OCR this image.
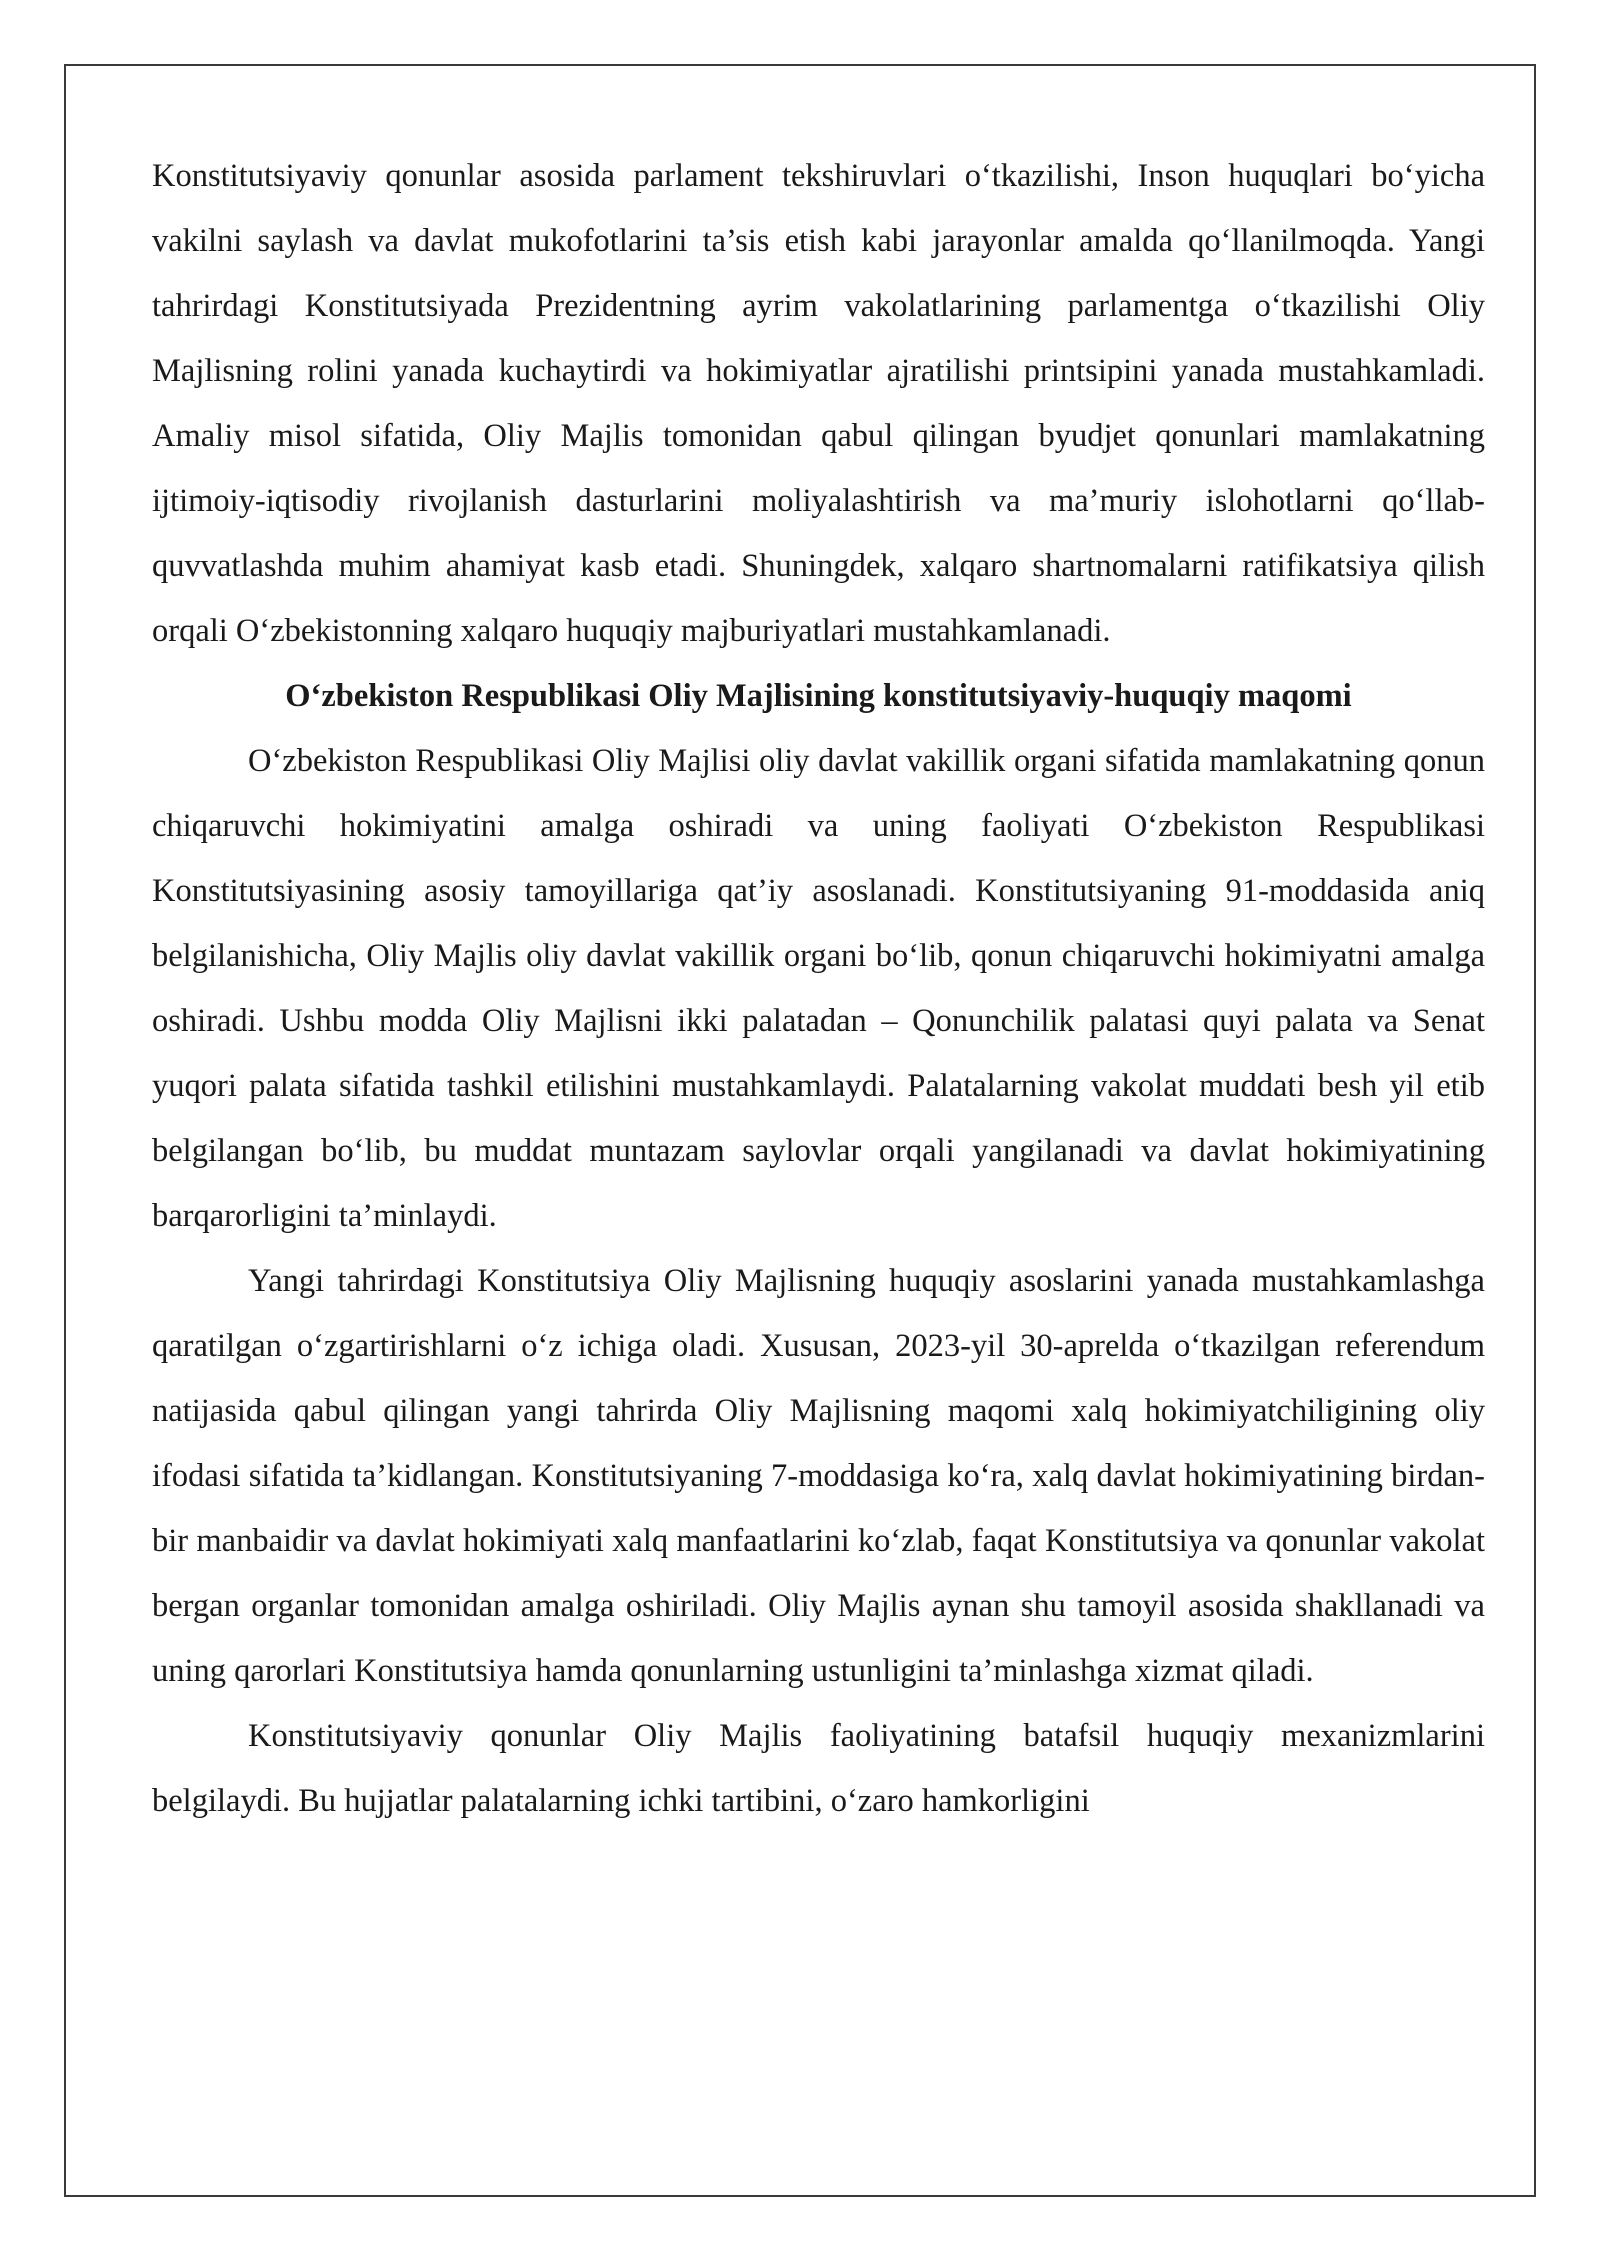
Konstitutsiyaviy qonunlar asosida parlament tekshiruvlari o‘tkazilishi, Inson huquqlari bo‘yicha vakilni saylash va davlat mukofotlarini ta’sis etish kabi jarayonlar amalda qo‘llanilmoqda. Yangi tahrirdagi Konstitutsiyada Prezidentning ayrim vakolatlarining parlamentga o‘tkazilishi Oliy Majlisning rolini yanada kuchaytirdi va hokimiyatlar ajratilishi printsipini yanada mustahkamladi. Amaliy misol sifatida, Oliy Majlis tomonidan qabul qilingan byudjet qonunlari mamlakatning ijtimoiy-iqtisodiy rivojlanish dasturlarini moliyalashtirish va ma’muriy islohotlarni qo‘llab-quvvatlashda muhim ahamiyat kasb etadi. Shuningdek, xalqaro shartnomalarni ratifikatsiya qilish orqali O‘zbekistonning xalqaro huquqiy majburiyatlari mustahkamlanadi.

O‘zbekiston Respublikasi Oliy Majlisining konstitutsiyaviy-huquqiy maqomi

O‘zbekiston Respublikasi Oliy Majlisi oliy davlat vakillik organi sifatida mamlakatning qonun chiqaruvchi hokimiyatini amalga oshiradi va uning faoliyati O‘zbekiston Respublikasi Konstitutsiyasining asosiy tamoyillariga qat’iy asoslanadi. Konstitutsiyaning 91-moddasida aniq belgilanishicha, Oliy Majlis oliy davlat vakillik organi bo‘lib, qonun chiqaruvchi hokimiyatni amalga oshiradi. Ushbu modda Oliy Majlisni ikki palatadan – Qonunchilik palatasi quyi palata va Senat yuqori palata sifatida tashkil etilishini mustahkamlaydi. Palatalarning vakolat muddati besh yil etib belgilangan bo‘lib, bu muddat muntazam saylovlar orqali yangilanadi va davlat hokimiyatining barqarorligini ta’minlaydi.

Yangi tahrirdagi Konstitutsiya Oliy Majlisning huquqiy asoslarini yanada mustahkamlashga qaratilgan o‘zgartirishlarni o‘z ichiga oladi. Xususan, 2023-yil 30-aprelda o‘tkazilgan referendum natijasida qabul qilingan yangi tahrirda Oliy Majlisning maqomi xalq hokimiyatchiligining oliy ifodasi sifatida ta’kidlangan. Konstitutsiyaning 7-moddasiga ko‘ra, xalq davlat hokimiyatining birdan-bir manbaidir va davlat hokimiyati xalq manfaatlarini ko‘zlab, faqat Konstitutsiya va qonunlar vakolat bergan organlar tomonidan amalga oshiriladi. Oliy Majlis aynan shu tamoyil asosida shakllanadi va uning qarorlari Konstitutsiya hamda qonunlarning ustunligini ta’minlashga xizmat qiladi.

Konstitutsiyaviy qonunlar Oliy Majlis faoliyatining batafsil huquqiy mexanizmlarini belgilaydi. Bu hujjatlar palatalarning ichki tartibini, o‘zaro hamkorligini
